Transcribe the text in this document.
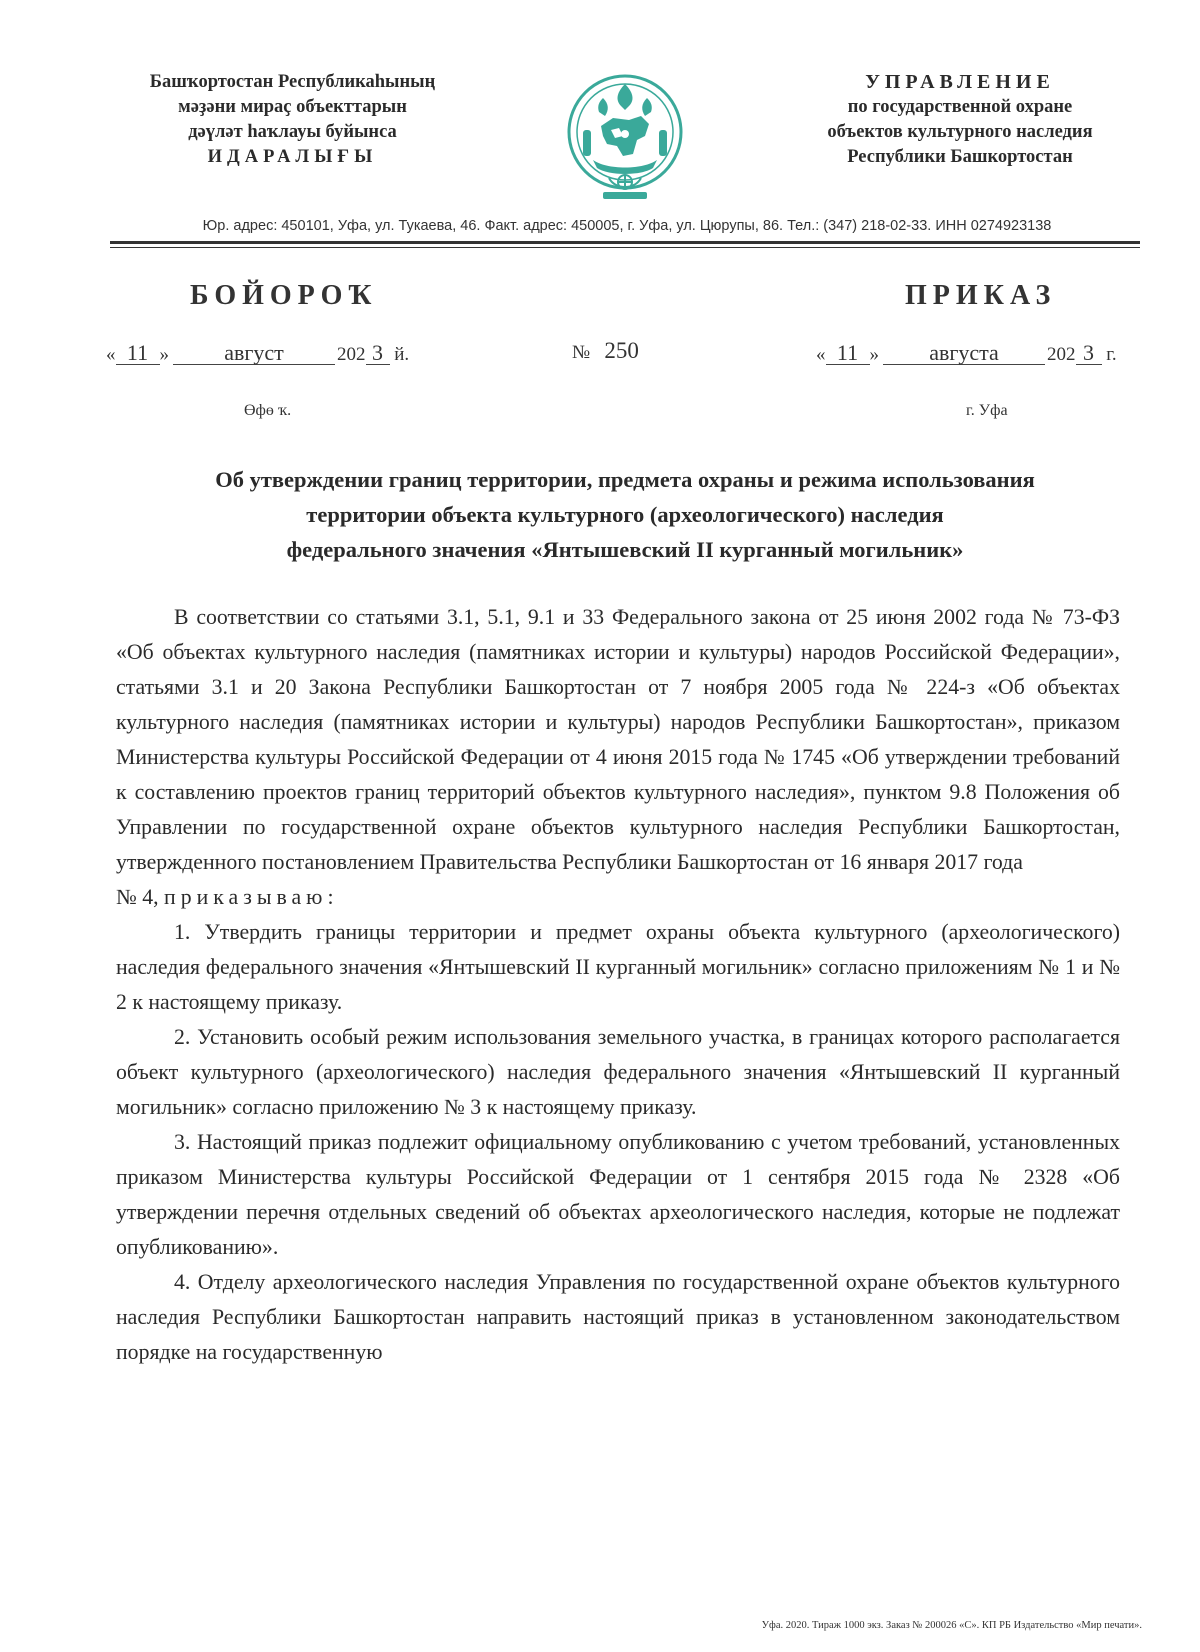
Башҡортостан Республикаһының
мәҙәни мираҫ объекттарын
дәүләт һаҡлауы буйынса
ИДАРАЛЫҒЫ
УПРАВЛЕНИЕ
по государственной охране
объектов культурного наследия
Республики Башкортостан
Юр. адрес: 450101, Уфа, ул. Тукаева, 46. Факт. адрес: 450005, г. Уфа, ул. Цюрупы, 86. Тел.: (347) 218-02-33. ИНН 0274923138
БОЙОРОҠ	ПРИКАЗ
« 11 »	август	202 3 й.	№ 250	« 11 » августа	202 3 г.
Өфө ҡ.	г. Уфа
Об утверждении границ территории, предмета охраны и режима использования
территории объекта культурного (археологического) наследия
федерального значения «Янтышевский II курганный могильник»

В соответствии со статьями 3.1, 5.1, 9.1 и 33 Федерального закона от 25 июня 2002 года № 73-ФЗ «Об объектах культурного наследия (памятниках истории и культуры) народов Российской Федерации», статьями 3.1 и 20 Закона Республики Башкортостан от 7 ноября 2005 года № 224-з «Об объектах культурного наследия (памятниках истории и культуры) народов Республики Башкортостан», приказом Министерства культуры Российской Федерации от 4 июня 2015 года № 1745 «Об утверждении требований к составлению проектов границ территорий объектов культурного наследия», пунктом 9.8 Положения об Управлении по государственной охране объектов культурного наследия Республики Башкортостан, утвержденного постановлением Правительства Республики Башкортостан от 16 января 2017 года

№ 4, приказываю:

1. Утвердить границы территории и предмет охраны объекта культурного (археологического) наследия федерального значения «Янтышевский II курганный могильник» согласно приложениям № 1 и № 2 к настоящему приказу.

2. Установить особый режим использования земельного участка, в границах которого располагается объект культурного (археологического) наследия федерального значения «Янтышевский II курганный могильник» согласно приложению № 3 к настоящему приказу.

3. Настоящий приказ подлежит официальному опубликованию с учетом требований, установленных приказом Министерства культуры Российской Федерации от 1 сентября 2015 года № 2328 «Об утверждении перечня отдельных сведений об объектах археологического наследия, которые не подлежат опубликованию».

4. Отделу археологического наследия Управления по государственной охране объектов культурного наследия Республики Башкортостан направить настоящий приказ в установленном законодательством порядке на государственную

Уфа. 2020. Тираж 1000 экз. Заказ № 200026 «С». КП РБ Издательство «Мир печати».
